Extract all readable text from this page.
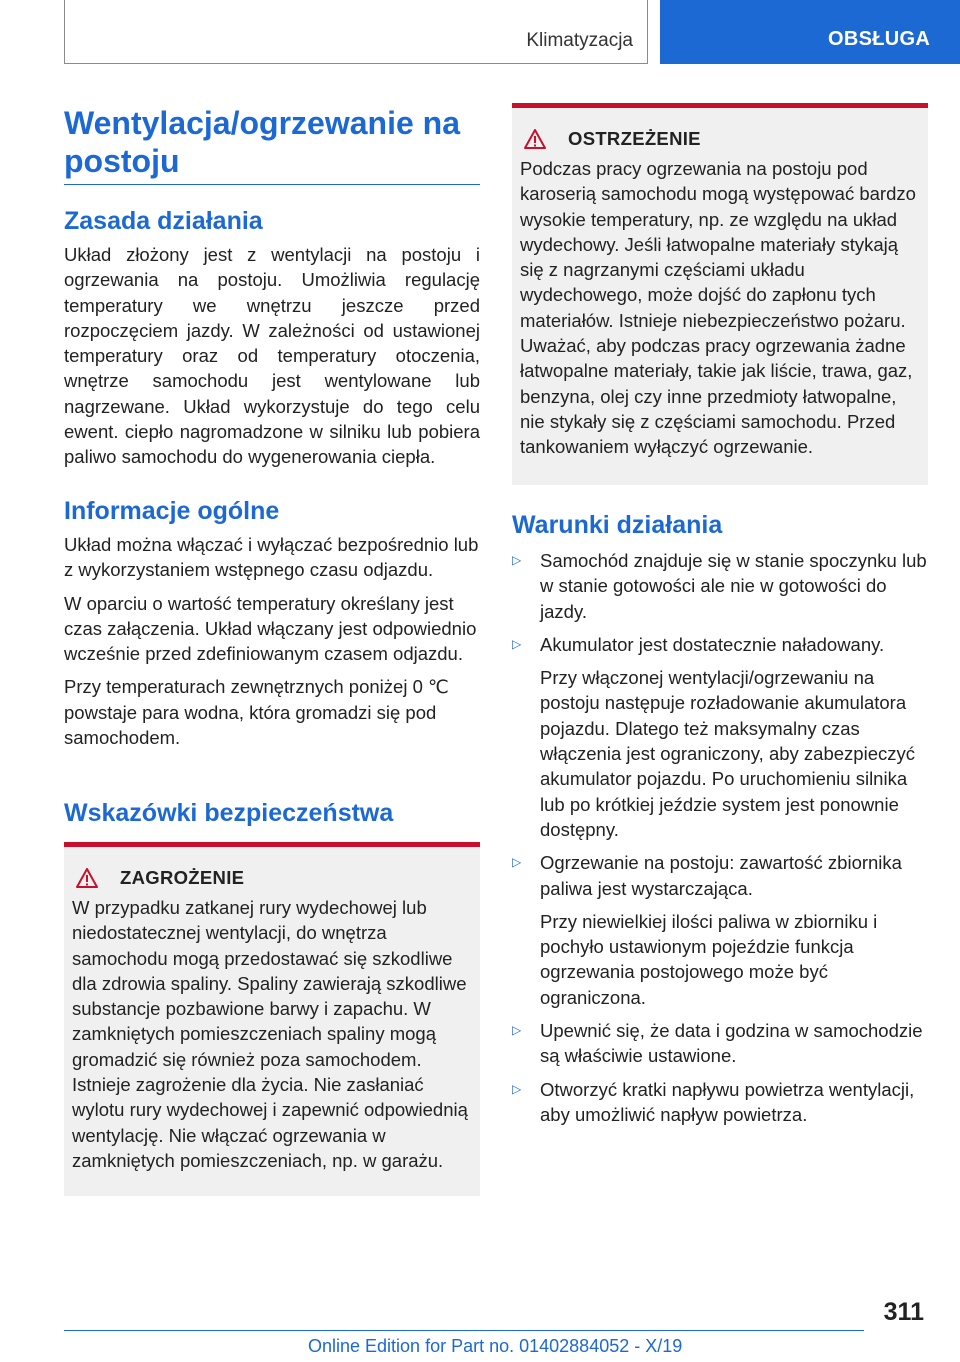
Klimatyzacja	OBSŁUGA
Wentylacja/ogrzewanie na postoju
Zasada działania

Układ złożony jest z wentylacji na postoju i ogrzewania na postoju. Umożliwia regulację temperatury we wnętrzu jeszcze przed rozpoczęciem jazdy. W zależności od ustawionej temperatury oraz od temperatury otoczenia, wnętrze samochodu jest wentylowane lub nagrzewane. Układ wykorzystuje do tego celu ewent. ciepło nagromadzone w silniku lub pobiera paliwo samochodu do wygenerowania ciepła.

Informacje ogólne

Układ można włączać i wyłączać bezpośrednio lub z wykorzystaniem wstępnego czasu odjazdu.

W oparciu o wartość temperatury określany jest czas załączenia. Układ włączany jest odpowiednio wcześnie przed zdefiniowanym czasem odjazdu.

Przy temperaturach zewnętrznych poniżej 0 ℃ powstaje para wodna, która gromadzi się pod samochodem.

Wskazówki bezpieczeństwa
ZAGROŻENIE

W przypadku zatkanej rury wydechowej lub niedostatecznej wentylacji, do wnętrza samochodu mogą przedostawać się szkodliwe dla zdrowia spaliny. Spaliny zawierają szkodliwe substancje pozbawione barwy i zapachu. W zamkniętych pomieszczeniach spaliny mogą gromadzić się również poza samochodem. Istnieje zagrożenie dla życia. Nie zasłaniać wylotu rury wydechowej i zapewnić odpowiednią wentylację. Nie włączać ogrzewania w zamkniętych pomieszczeniach, np. w garażu.

OSTRZEŻENIE

Podczas pracy ogrzewania na postoju pod karoserią samochodu mogą występować bardzo wysokie temperatury, np. ze względu na układ wydechowy. Jeśli łatwopalne materiały stykają się z nagrzanymi częściami układu wydechowego, może dojść do zapłonu tych materiałów. Istnieje niebezpieczeństwo pożaru. Uważać, aby podczas pracy ogrzewania żadne łatwopalne materiały, takie jak liście, trawa, gaz, benzyna, olej czy inne przedmioty łatwopalne, nie stykały się z częściami samochodu. Przed tankowaniem wyłączyć ogrzewanie.

Warunki działania
▷ Samochód znajduje się w stanie spoczynku lub w stanie gotowości ale nie w gotowości do jazdy.

▷ Akumulator jest dostatecznie naładowany.

Przy włączonej wentylacji/ogrzewaniu na postoju następuje rozładowanie akumulatora pojazdu. Dlatego też maksymalny czas włączenia jest ograniczony, aby zabezpieczyć akumulator pojazdu. Po uruchomieniu silnika lub po krótkiej jeździe system jest ponownie dostępny.

▷ Ogrzewanie na postoju: zawartość zbiornika paliwa jest wystarczająca.

Przy niewielkiej ilości paliwa w zbiorniku i pochyło ustawionym pojeździe funkcja ogrzewania postojowego może być ograniczona.

▷ Upewnić się, że data i godzina w samochodzie są właściwie ustawione.

▷ Otworzyć kratki napływu powietrza wentylacji, aby umożliwić napływ powietrza.

311
Online Edition for Part no. 01402884052 - X/19
